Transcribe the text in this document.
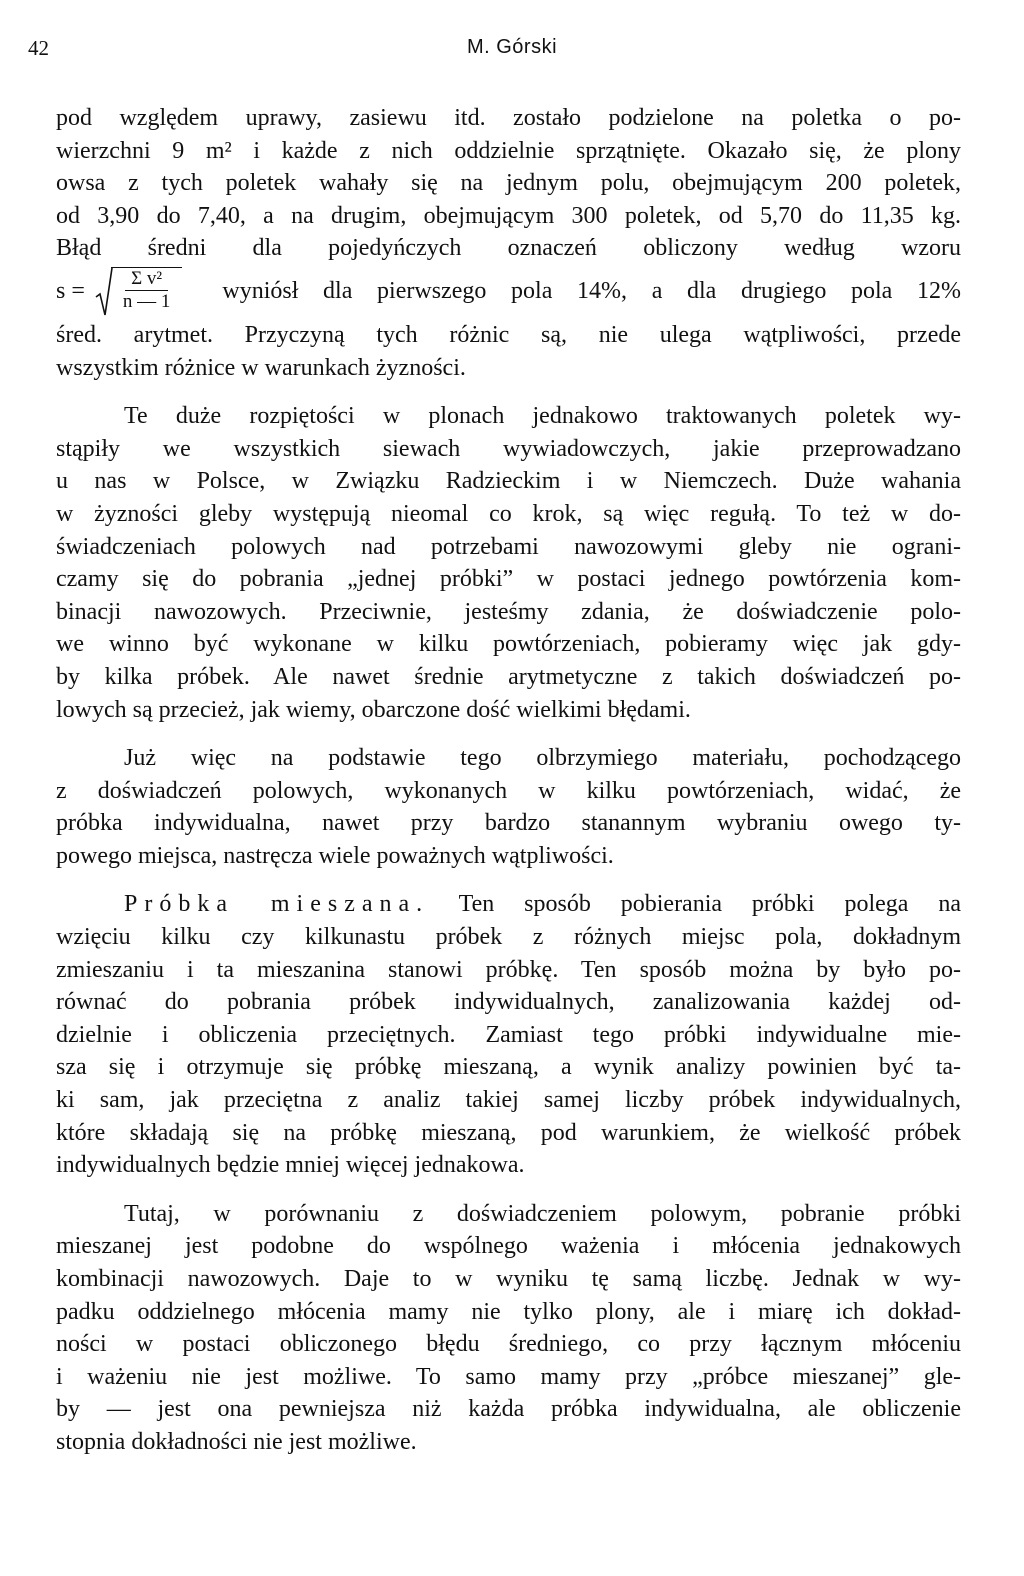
42	M. Górski
pod względem uprawy, zasiewu itd. zostało podzielone na poletka o po-
wierzchni 9 m² i każde z nich oddzielnie sprzątnięte. Okazało się, że plony
owsa z tych poletek wahały się na jednym polu, obejmującym 200 poletek,
od 3,90 do 7,40, a na drugim, obejmującym 300 poletek, od 5,70 do 11,35 kg.
Błąd średni dla pojedyńczych oznaczeń obliczony według wzoru
$s = \frac{\text{Σ v²}}{n — 1}$ wyniósł dla pierwszego pola 14%, a dla drugiego pola 12%
śred. arytmet. Przyczyną tych różnic są, nie ulega wątpliwości, przede
wszystkim różnice w warunkach żyzności.
Te duże rozpiętości w plonach jednakowo traktowanych poletek wy-
stąpiły we wszystkich siewach wywiadowczych, jakie przeprowadzano
u nas w Polsce, w Związku Radzieckim i w Niemczech. Duże wahania
w żyzności gleby występują nieomal co krok, są więc regułą. To też w do-
świadczeniach polowych nad potrzebami nawozowymi gleby nie ograni-
czamy się do pobrania „jednej próbki” w postaci jednego powtórzenia kom-
binacji nawozowych. Przeciwnie, jesteśmy zdania, że doświadczenie polo-
we winno być wykonane w kilku powtórzeniach, pobieramy więc jak gdy-
by kilka próbek. Ale nawet średnie arytmetyczne z takich doświadczeń po-
lowych są przecież, jak wiemy, obarczone dość wielkimi błędami.
Już więc na podstawie tego olbrzymiego materiału, pochodzącego
z doświadczeń polowych, wykonanych w kilku powtórzeniach, widać, że
próbka indywidualna, nawet przy bardzo stanannym wybraniu owego ty-
powego miejsca, nastręcza wiele poważnych wątpliwości.
Próbka mieszana. Ten sposób pobierania próbki polega na
wzięciu kilku czy kilkunastu próbek z różnych miejsc pola, dokładnym
zmieszaniu i ta mieszanina stanowi próbkę. Ten sposób można by było po-
równać do pobrania próbek indywidualnych, zanalizowania każdej od-
dzielnie i obliczenia przeciętnych. Zamiast tego próbki indywidualne mie-
sza się i otrzymuje się próbkę mieszaną, a wynik analizy powinien być ta-
ki sam, jak przeciętna z analiz takiej samej liczby próbek indywidualnych,
które składają się na próbkę mieszaną, pod warunkiem, że wielkość próbek
indywidualnych będzie mniej więcej jednakowa.
Tutaj, w porównaniu z doświadczeniem polowym, pobranie próbki
mieszanej jest podobne do wspólnego ważenia i młócenia jednakowych
kombinacji nawozowych. Daje to w wyniku tę samą liczbę. Jednak w wy-
padku oddzielnego młócenia mamy nie tylko plony, ale i miarę ich dokład-
ności w postaci obliczonego błędu średniego, co przy łącznym młóceniu
i ważeniu nie jest możliwe. To samo mamy przy „próbce mieszanej” gle-
by — jest ona pewniejsza niż każda próbka indywidualna, ale obliczenie
stopnia dokładności nie jest możliwe.
